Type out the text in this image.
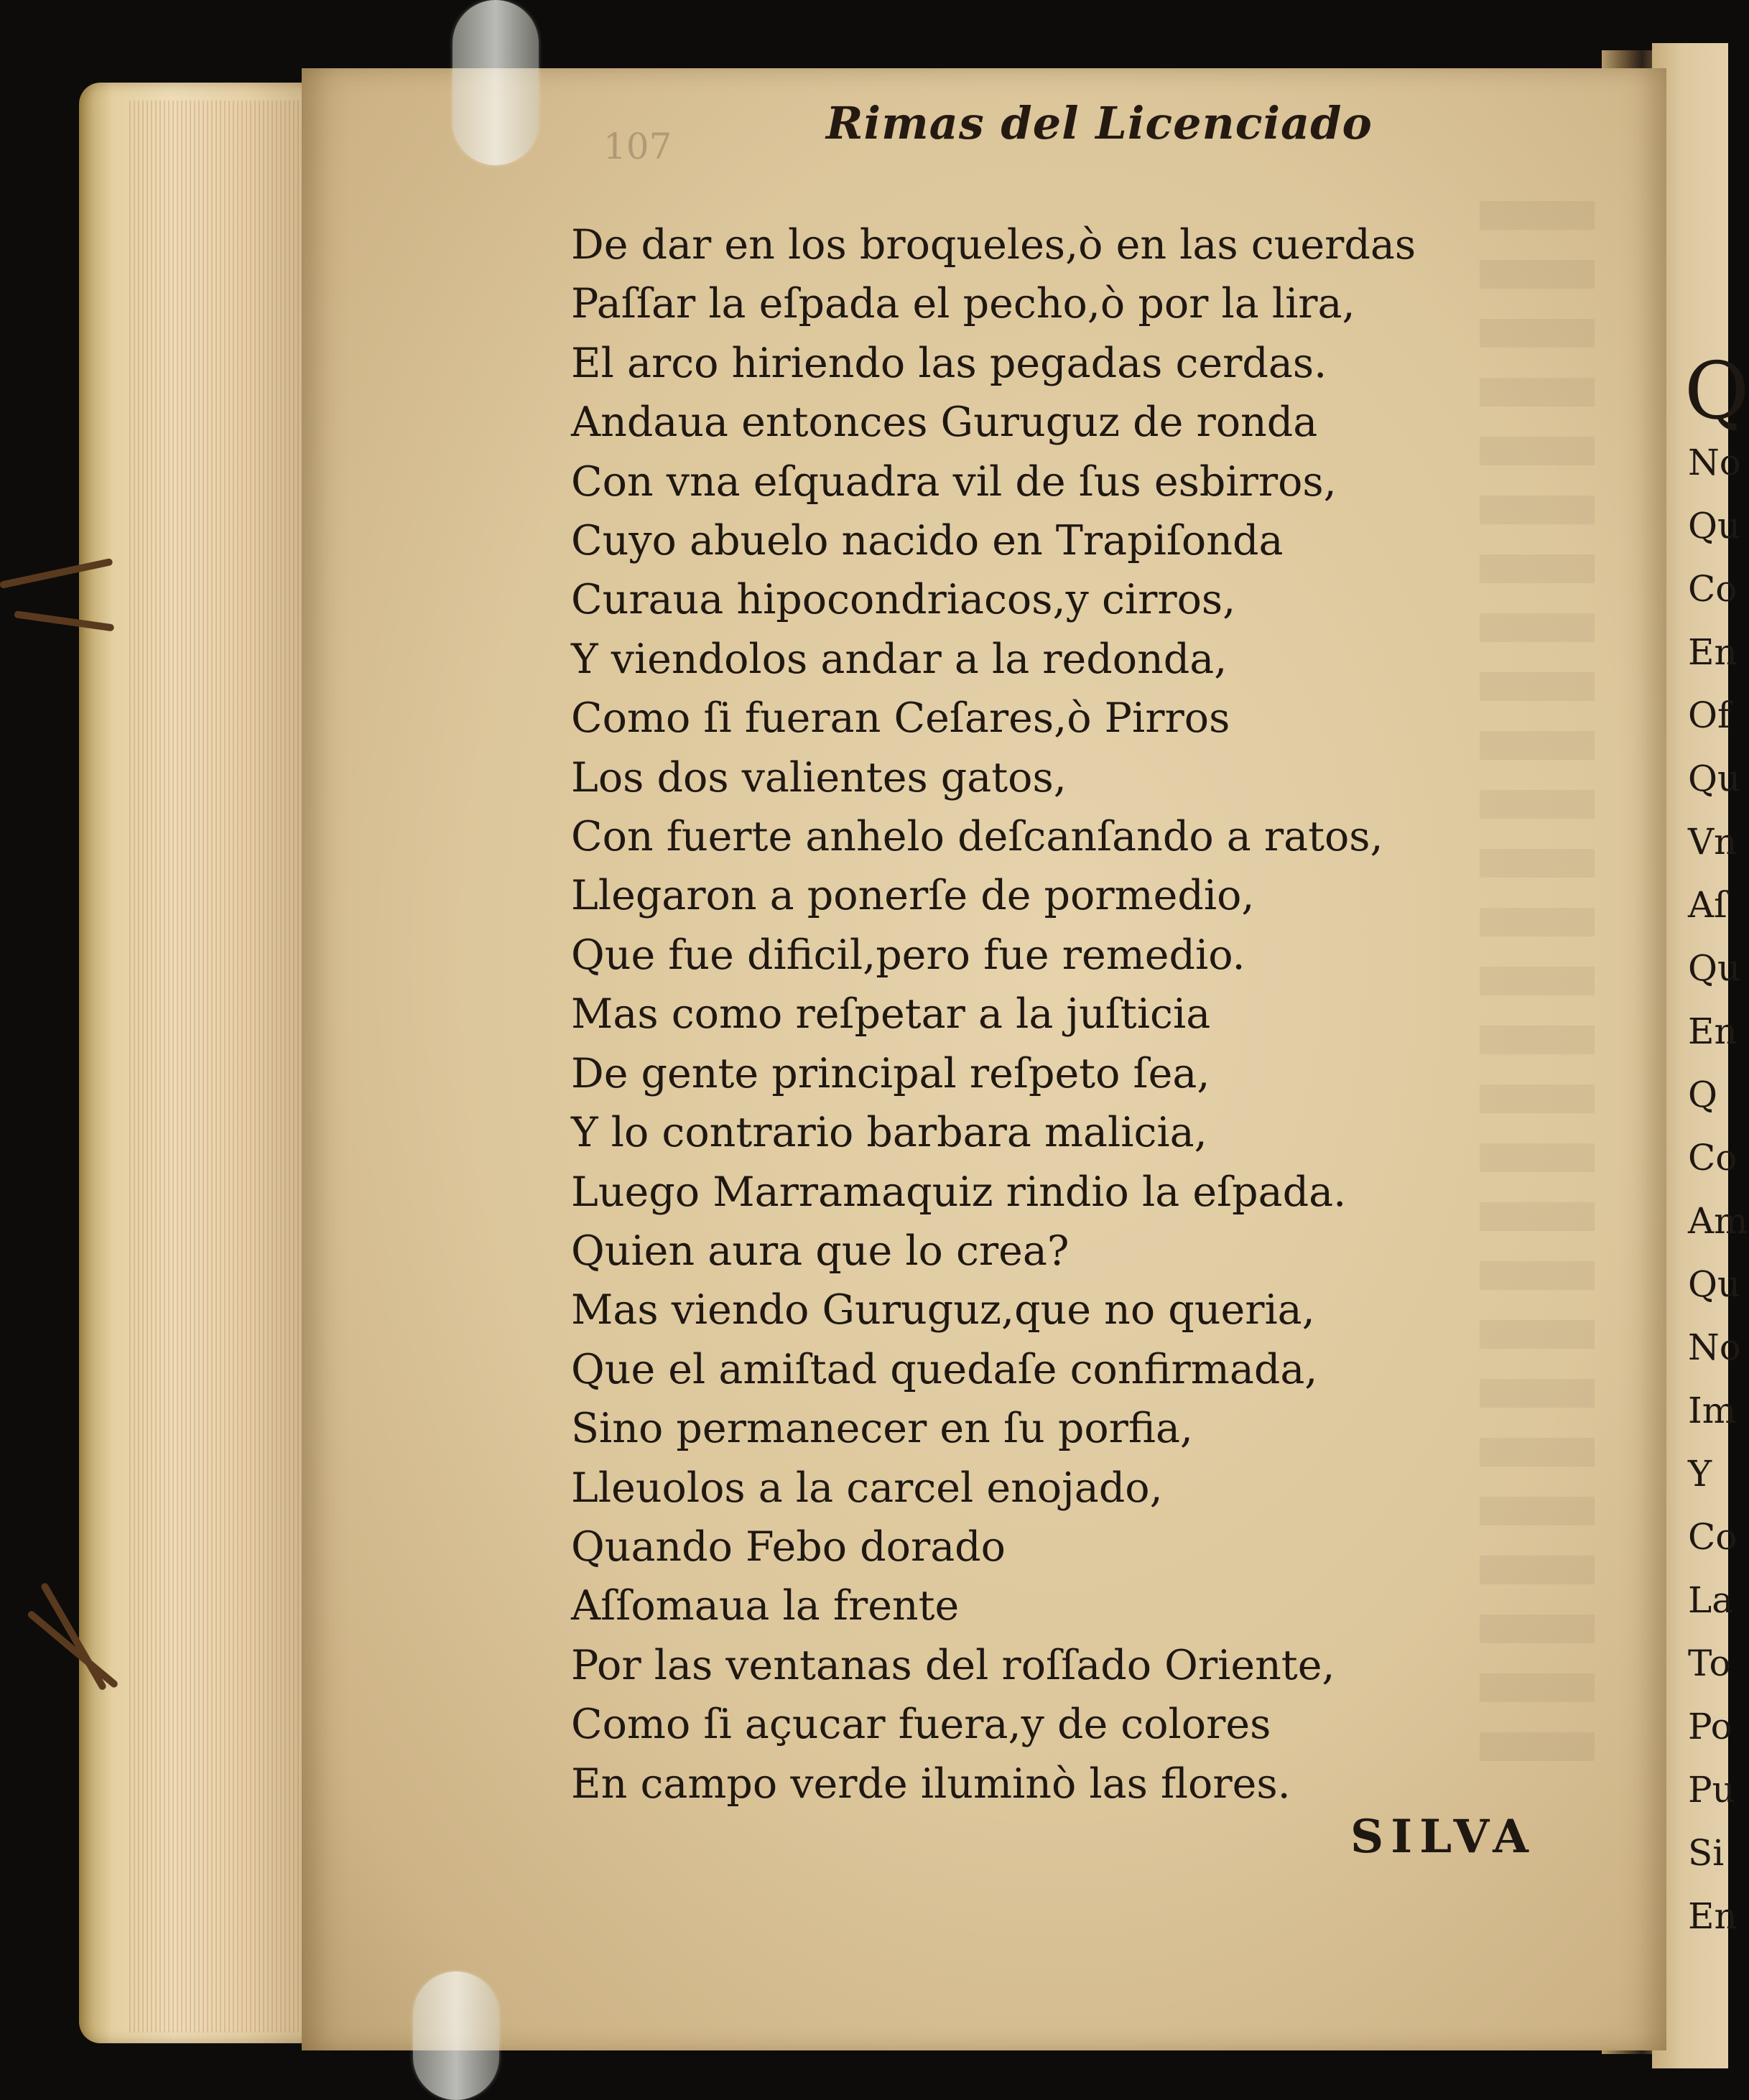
107	Rimas del Licenciado
De dar en los broqueles,ò en las cuerdas
Paſſar la eſpada el pecho,ò por la lira,
El arco hiriendo las pegadas cerdas.
Andaua entonces Guruguz de ronda
Con vna eſquadra vil de ſus esbirros,
Cuyo abuelo nacido en Trapiſonda
Curaua hipocondriacos,y cirros,
Y viendolos andar a la redonda,
Como ſi fueran Ceſares,ò Pirros
Los dos valientes gatos,
Con fuerte anhelo deſcanſando a ratos,
Llegaron a ponerſe de pormedio,
Que fue dificil,pero fue remedio.
Mas como reſpetar a la juſticia
De gente principal reſpeto ſea,
Y lo contrario barbara malicia,
Luego Marramaquiz rindio la eſpada.
Quien aura que lo crea?
Mas viendo Guruguz,que no queria,
Que el amiſtad quedaſe confirmada,
Sino permanecer en ſu porfia,
Lleuolos a la carcel enojado,
Quando Febo dorado
Aſſomaua la frente
Por las ventanas del roſſado Oriente,
Como ſi açucar fuera,y de colores
En campo verde iluminò las flores.
SILVA
Q
No
Qu
Co
En
Of
Qu
Vn
Aſ
Qu
En
Q
Co
Am
Qu
No
Im
Y
Co
La
To
Po
Pu
Si
En
